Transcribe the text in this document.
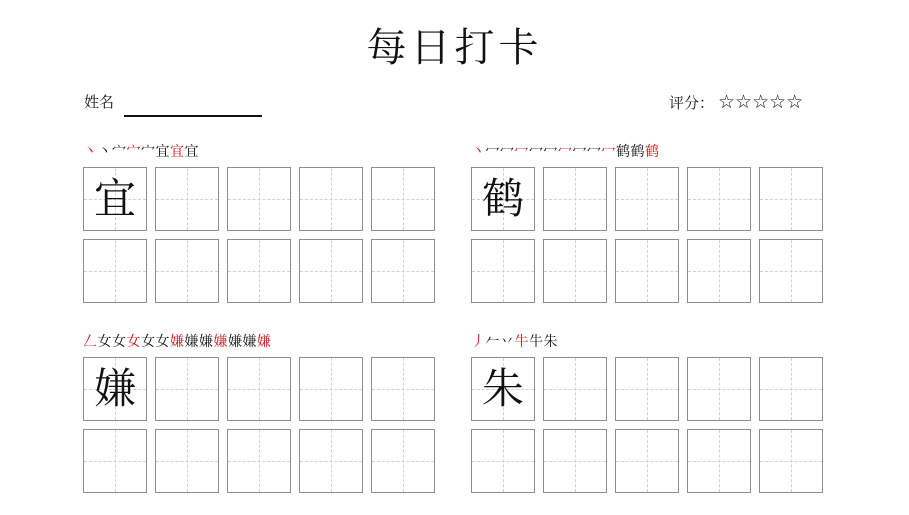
每日打卡
姓名	评分： ☆☆☆☆☆
丶丶宀宀宀宜宜宜
宜
丶冖冖冖冖冖冖冖冖冖鹤鹤鹤
鹤
𠃋女女女女女嫌嫌嫌嫌嫌嫌嫌
嫌
丿𠂉丷牛牛朱
朱
